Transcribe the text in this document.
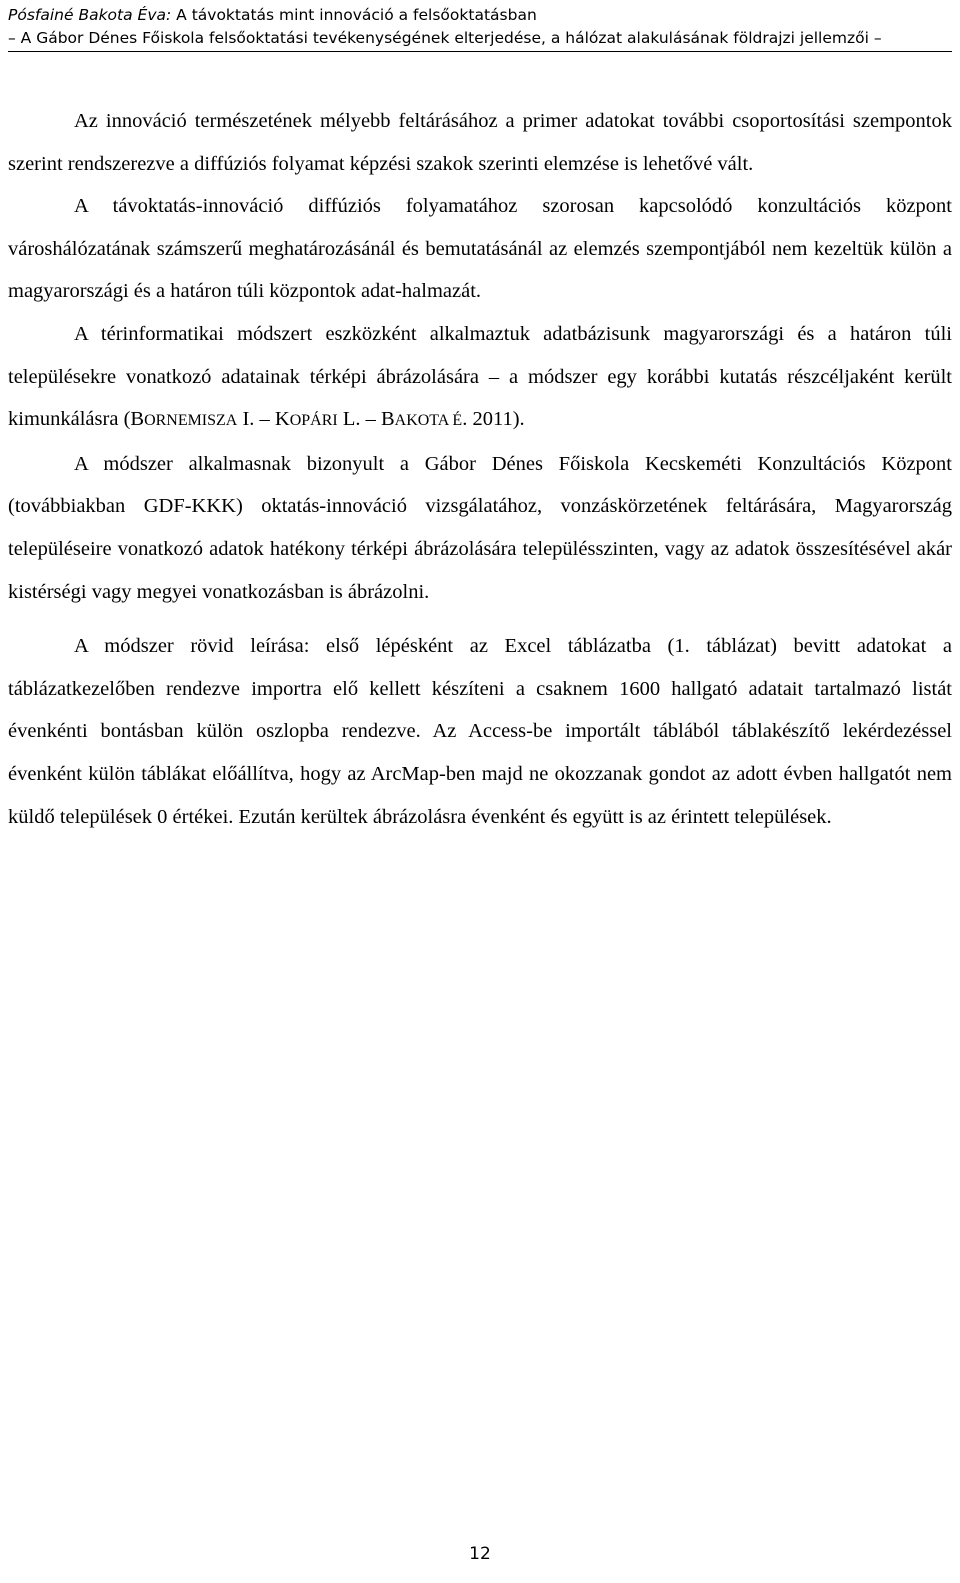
Pósfainé Bakota Éva: A távoktatás mint innováció a felsőoktatásban
– A Gábor Dénes Főiskola felsőoktatási tevékenységének elterjedése, a hálózat alakulásának földrajzi jellemzői –

Az innováció természetének mélyebb feltárásához a primer adatokat további csoportosítási szempontok szerint rendszerezve a diffúziós folyamat képzési szakok szerinti elemzése is lehetővé vált.

A távoktatás-innováció diffúziós folyamatához szorosan kapcsolódó konzultációs központ városhálózatának számszerű meghatározásánál és bemutatásánál az elemzés szempontjából nem kezeltük külön a magyarországi és a határon túli központok adat-halmazát.

A térinformatikai módszert eszközként alkalmaztuk adatbázisunk magyarországi és a határon túli településekre vonatkozó adatainak térképi ábrázolására – a módszer egy korábbi kutatás részcéljaként került kimunkálásra (BORNEMISZA I. – KOPÁRI L. – BAKOTA É. 2011).

A módszer alkalmasnak bizonyult a Gábor Dénes Főiskola Kecskeméti Konzultációs Központ (továbbiakban GDF-KKK) oktatás-innováció vizsgálatához, vonzáskörzetének feltárására, Magyarország településeire vonatkozó adatok hatékony térképi ábrázolására településszinten, vagy az adatok összesítésével akár kistérségi vagy megyei vonatkozásban is ábrázolni.

A módszer rövid leírása: első lépésként az Excel táblázatba (1. táblázat) bevitt adatokat a táblázatkezelőben rendezve importra elő kellett készíteni a csaknem 1600 hallgató adatait tartalmazó listát évenkénti bontásban külön oszlopba rendezve. Az Access-be importált táblából táblakészítő lekérdezéssel évenként külön táblákat előállítva, hogy az ArcMap-ben majd ne okozzanak gondot az adott évben hallgatót nem küldő települések 0 értékei. Ezután kerültek ábrázolásra évenként és együtt is az érintett települések.

12
